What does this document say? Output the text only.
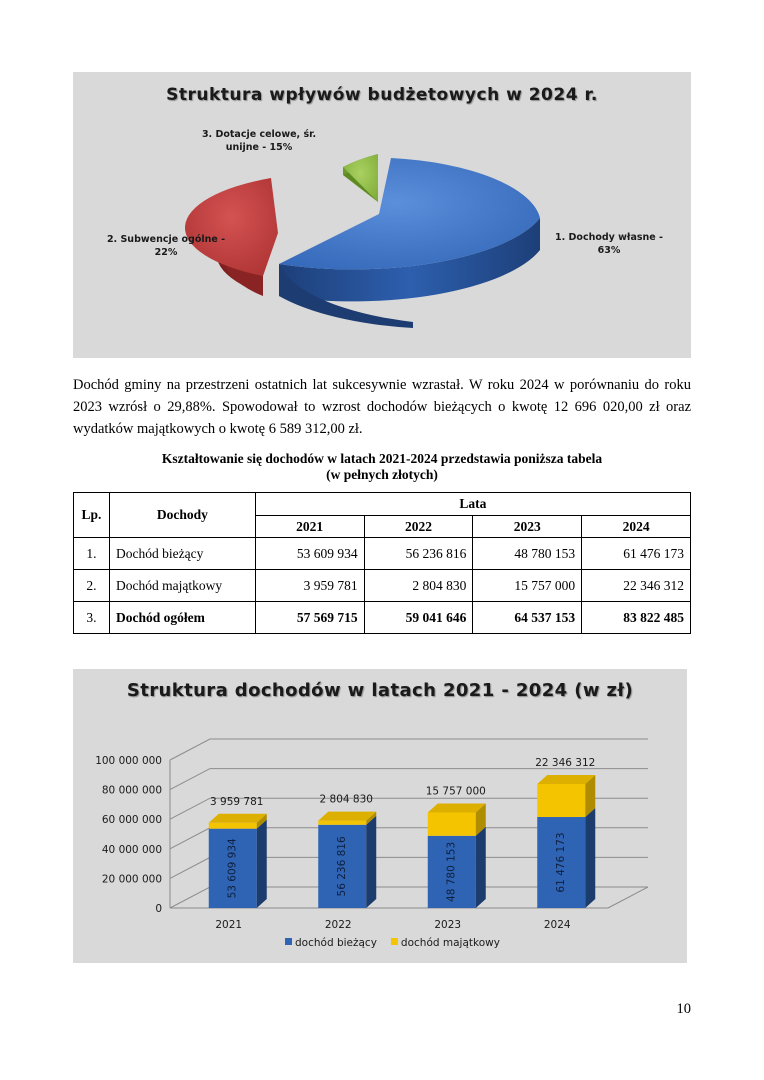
Struktura wpływów budżetowych w 2024 r.
3. Dotacje celowe, śr.
unijne - 15%
2. Subwencje ogólne -
22%
1. Dochody własne -
63%
Dochód gminy na przestrzeni ostatnich lat sukcesywnie wzrastał. W roku 2024 w porównaniu do roku 2023 wzrósł o 29,88%. Spowodował to wzrost dochodów bieżących o kwotę 12 696 020,00 zł oraz wydatków majątkowych o kwotę 6 589 312,00 zł.
Kształtowanie się dochodów w latach 2021-2024 przedstawia poniższa tabela
(w pełnych złotych)
Lp.	Dochody	Lata			
		2021	2022	2023	2024
1.	Dochód bieżący	53 609 934	56 236 816	48 780 153	61 476 173
2.	Dochód majątkowy	3 959 781	2 804 830	15 757 000	22 346 312
3.	Dochód ogółem	57 569 715	59 041 646	64 537 153	83 822 485
Struktura dochodów w latach 2021 - 2024 (w zł)
0
20 000 000
40 000 000
60 000 000
80 000 000
100 000 000
53 609 934
3 959 781
56 236 816
2 804 830
48 780 153
15 757 000
61 476 173
22 346 312
2021	2022	2023	2024
dochód bieżący dochód majątkowy
10
